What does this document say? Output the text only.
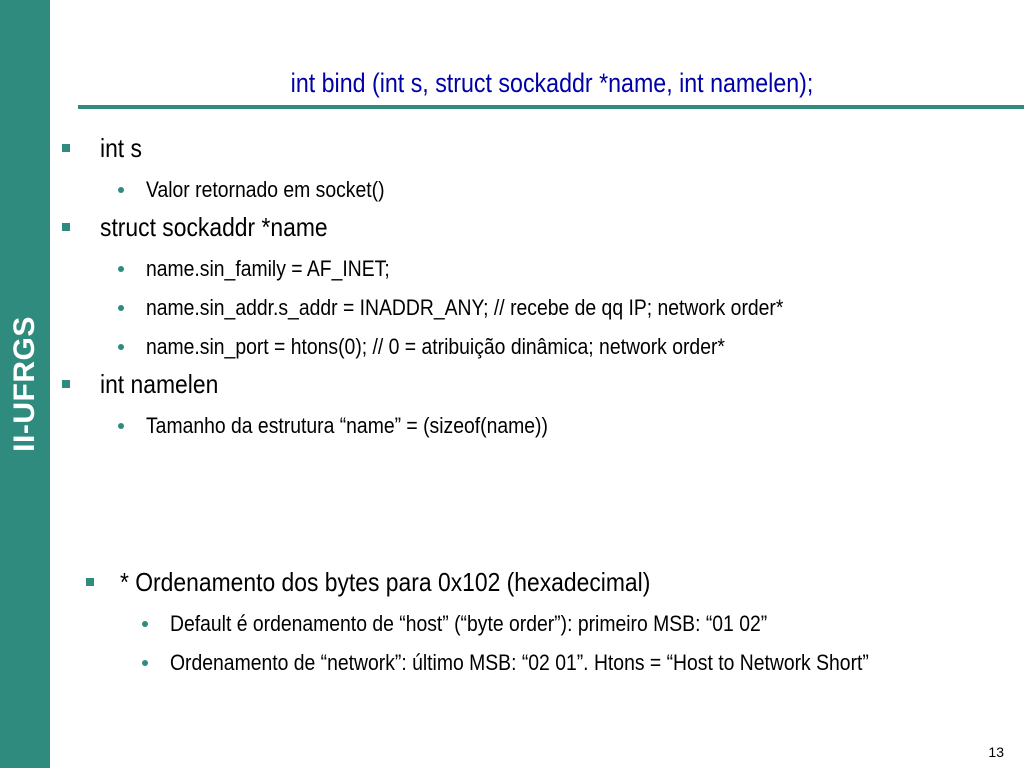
II-UFRGS
int bind (int s, struct sockaddr *name, int namelen);
int s
Valor retornado em socket()
struct sockaddr *name
name.sin_family = AF_INET;
name.sin_addr.s_addr = INADDR_ANY; // recebe de qq IP; network order*
name.sin_port = htons(0); // 0 = atribuição dinâmica; network order*
int namelen
Tamanho da estrutura “name” = (sizeof(name))
* Ordenamento dos bytes para 0x102 (hexadecimal)
Default é ordenamento de “host” (“byte order”): primeiro MSB: “01 02”
Ordenamento de “network”: último MSB: “02 01”. Htons = “Host to Network Short”
13
